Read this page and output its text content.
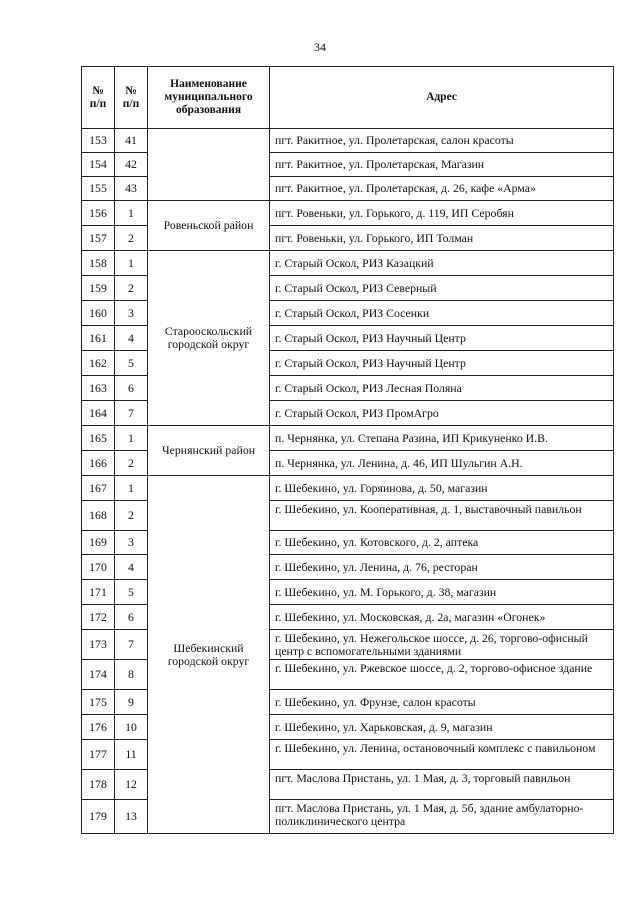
34
№
п/п	№
п/п	Наименование
муниципального
образования	Адрес
153	41		пгт. Ракитное, ул. Пролетарская, салон красоты
154	42		пгт. Ракитное, ул. Пролетарская, Магазин
155	43		пгт. Ракитное, ул. Пролетарская, д. 26, кафе «Арма»
156	1	Ровеньской район	пгт. Ровеньки, ул. Горького, д. 119, ИП Серобян
157	2		пгт. Ровеньки, ул. Горького, ИП Толман
158	1	Старооскольский
городской округ	г. Старый Оскол, РИЗ Казацкий
159	2		г. Старый Оскол, РИЗ Северный
160	3		г. Старый Оскол, РИЗ Сосенки
161	4		г. Старый Оскол, РИЗ Научный Центр
162	5		г. Старый Оскол, РИЗ Научный Центр
163	6		г. Старый Оскол, РИЗ Лесная Поляна
164	7		г. Старый Оскол, РИЗ ПромАгро
165	1	Чернянский район	п. Чернянка, ул. Степана Разина, ИП Крикуненко И.В.
166	2		п. Чернянка, ул. Ленина, д. 46, ИП Шульгин А.Н.
167	1	Шебекинский
городской округ	г. Шебекино, ул. Горяинова, д. 50, магазин
168	2		г. Шебекино, ул. Кооперативная, д. 1, выставочный павильон
169	3		г. Шебекино, ул. Котовского, д. 2, аптека
170	4		г. Шебекино, ул. Ленина, д. 76, ресторан
171	5		г. Шебекино, ул. М. Горького, д. 38, магазин
172	6		г. Шебекино, ул. Московская, д. 2а, магазин «Огонек»
173	7		г. Шебекино, ул. Нежегольское шоссе, д. 26, торгово-офисный центр с вспомогательными зданиями
174	8		г. Шебекино, ул. Ржевское шоссе, д. 2, торгово-офисное здание
175	9		г. Шебекино, ул. Фрунзе, салон красоты
176	10		г. Шебекино, ул. Харьковская, д. 9, магазин
177	11		г. Шебекино, ул. Ленина, остановочный комплекс с павильоном
178	12		пгт. Маслова Пристань, ул. 1 Мая, д. 3, торговый павильон
179	13		пгт. Маслова Пристань, ул. 1 Мая, д. 5б, здание амбулаторно-поликлинического центра
